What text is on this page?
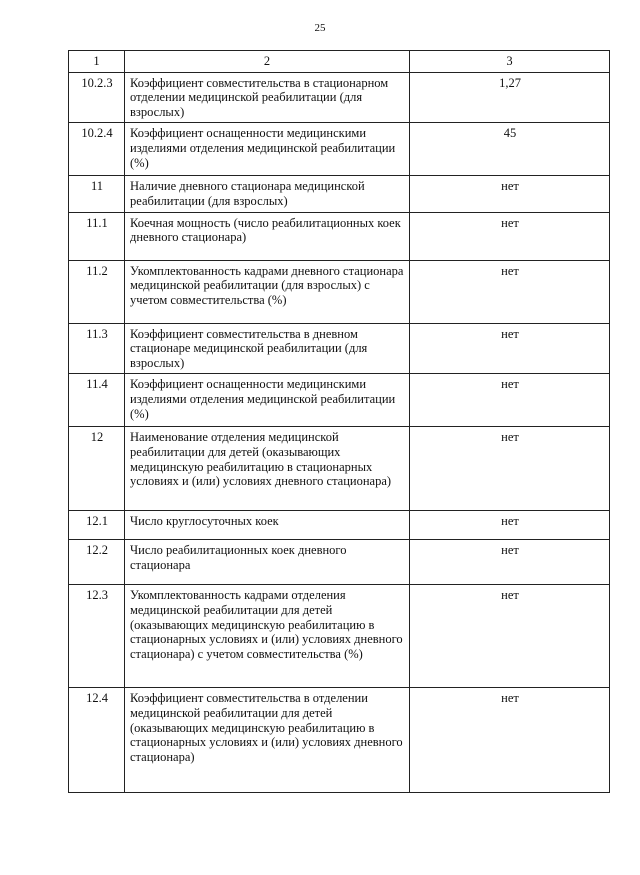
25
1	2	3
10.2.3	Коэффициент совместительства в стационарном отделении медицинской реабилитации (для взрослых)	1,27
10.2.4	Коэффициент оснащенности медицинскими изделиями отделения медицинской реабилитации (%)	45
11	Наличие дневного стационара медицинской реабилитации (для взрослых)	нет
11.1	Коечная мощность (число реабилитационных коек дневного стационара)	нет
11.2	Укомплектованность кадрами дневного стационара медицинской реабилитации (для взрослых) с учетом совместительства (%)	нет
11.3	Коэффициент совместительства в дневном стационаре медицинской реабилитации (для взрослых)	нет
11.4	Коэффициент оснащенности медицинскими изделиями отделения медицинской реабилитации (%)	нет
12	Наименование отделения медицинской реабилитации для детей (оказывающих медицинскую реабилитацию в стационарных условиях и (или) условиях дневного стационара)	нет
12.1	Число круглосуточных коек	нет
12.2	Число реабилитационных коек дневного стационара	нет
12.3	Укомплектованность кадрами отделения медицинской реабилитации для детей (оказывающих медицинскую реабилитацию в стационарных условиях и (или) условиях дневного стационара) с учетом совместительства (%)	нет
12.4	Коэффициент совместительства в отделении медицинской реабилитации для детей (оказывающих медицинскую реабилитацию в стационарных условиях и (или) условиях дневного стационара)	нет
